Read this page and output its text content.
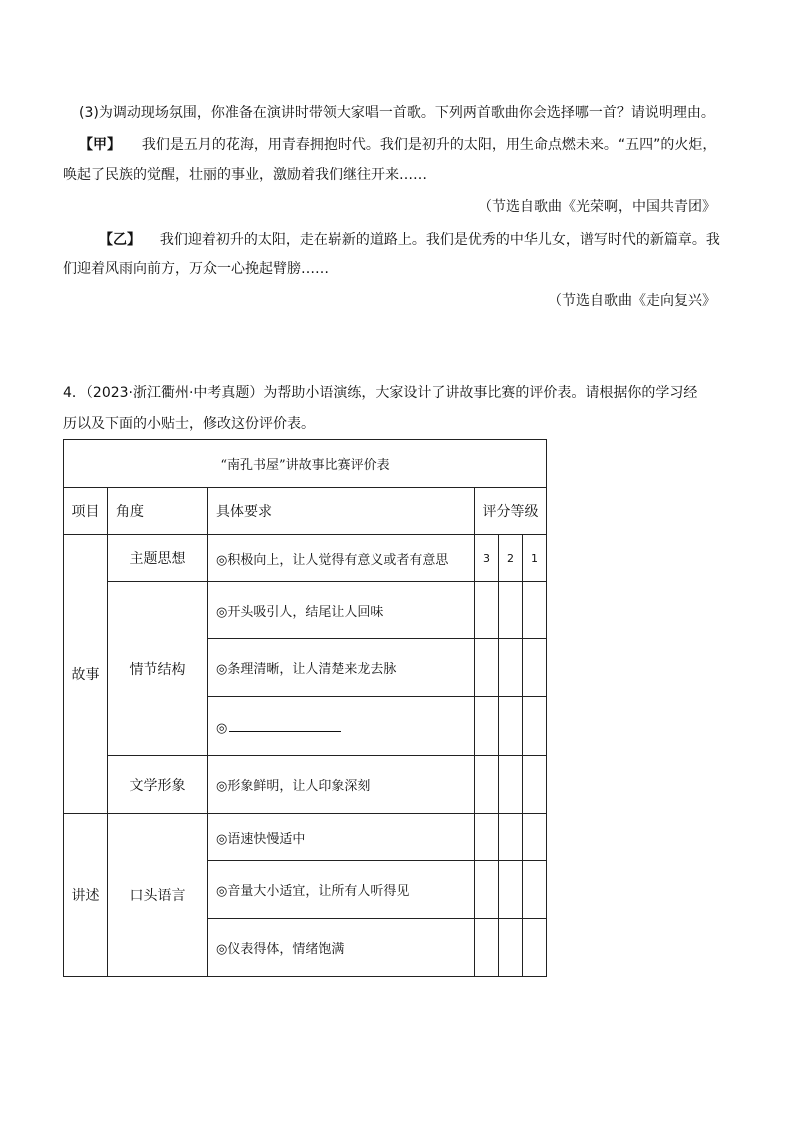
(3)为调动现场氛围，你准备在演讲时带领大家唱一首歌。下列两首歌曲你会选择哪一首？请说明理由。
【甲】 我们是五月的花海，用青春拥抱时代。我们是初升的太阳，用生命点燃未来。“五四”的火炬，
唤起了民族的觉醒，壮丽的事业，激励着我们继往开来……
（节选自歌曲《光荣啊，中国共青团》
【乙】 我们迎着初升的太阳，走在崭新的道路上。我们是优秀的中华儿女，谱写时代的新篇章。我
们迎着风雨向前方，万众一心挽起臂膀……
（节选自歌曲《走向复兴》
4．（2023·浙江衢州·中考真题）为帮助小语演练，大家设计了讲故事比赛的评价表。请根据你的学习经
历以及下面的小贴士，修改这份评价表。
“南孔书屋”讲故事比赛评价表					
项目	角度	具体要求	评分等级		
故事	主题思想	◎积极向上，让人觉得有意义或者有意思	3	2	1
	情节结构	◎开头吸引人，结尾让人回味			
		◎条理清晰，让人清楚来龙去脉			
		◎			
	文学形象	◎形象鲜明，让人印象深刻			
讲述	口头语言	◎语速快慢适中			
		◎音量大小适宜，让所有人听得见			
		◎仪表得体，情绪饱满			
